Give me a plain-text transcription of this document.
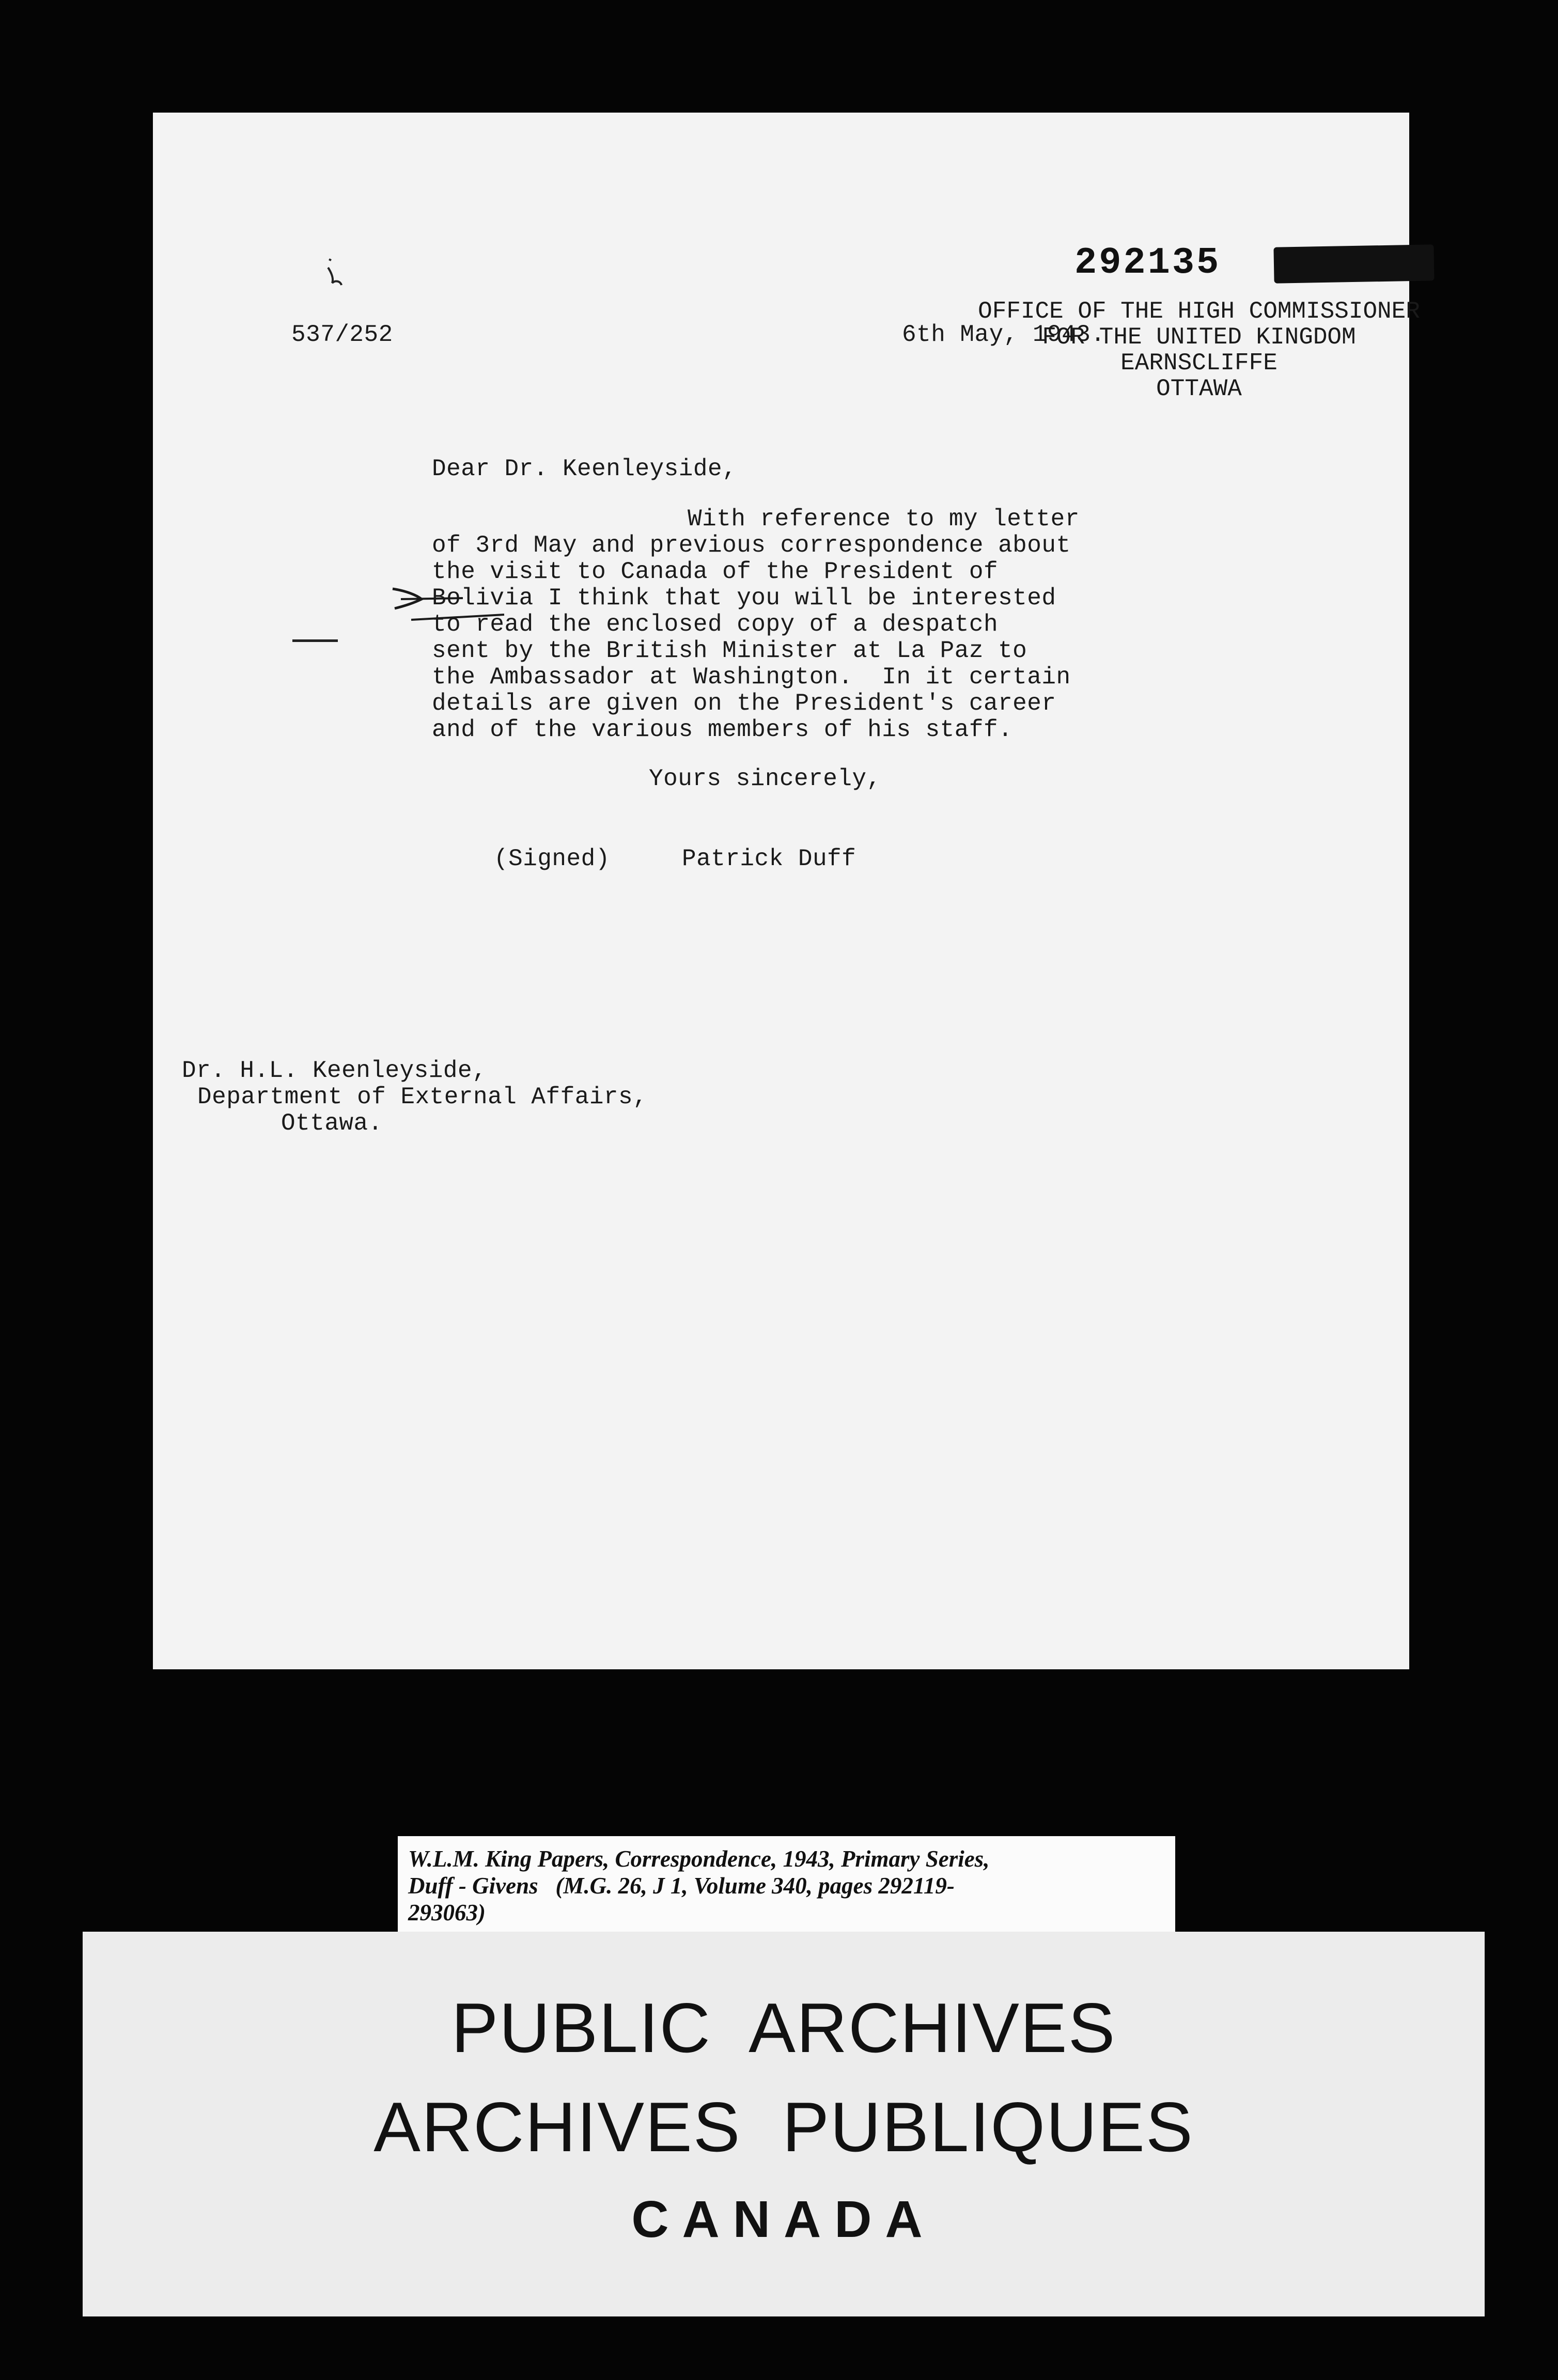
292135
OFFICE OF THE HIGH COMMISSIONER
FOR THE UNITED KINGDOM
EARNSCLIFFE
OTTAWA
537/252	6th May, 1943.
Dear Dr. Keenleyside,
With reference to my letter
of 3rd May and previous correspondence about
the visit to Canada of the President of
Bolivia I think that you will be interested
to read the enclosed copy of a despatch
sent by the British Minister at La Paz to
the Ambassador at Washington.  In it certain
details are given on the President's career
and of the various members of his staff.
Yours sincerely,
(Signed)	Patrick Duff
Dr. H.L. Keenleyside,
Department of External Affairs,
Ottawa.
W.L.M. King Papers, Correspondence, 1943, Primary Series,
Duff - Givens   (M.G. 26, J 1, Volume 340, pages 292119-
293063)
PUBLIC ARCHIVES
ARCHIVES PUBLIQUES
CANADA
